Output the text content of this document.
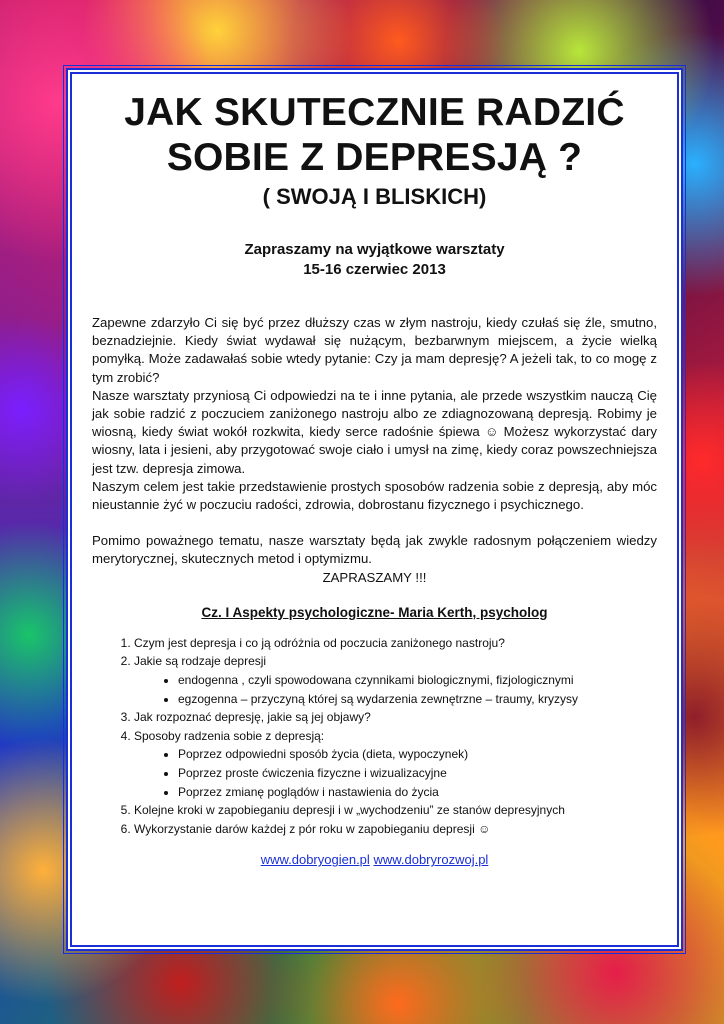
JAK SKUTECZNIE RADZIĆ
SOBIE Z DEPRESJĄ ?
( SWOJĄ I BLISKICH)
Zapraszamy na wyjątkowe warsztaty
15-16 czerwiec 2013

Zapewne zdarzyło Ci się być przez dłuższy czas w złym nastroju, kiedy czułaś się źle, smutno, beznadziejnie. Kiedy świat wydawał się nużącym, bezbarwnym miejscem, a życie wielką pomyłką. Może zadawałaś sobie wtedy pytanie: Czy ja mam depresję? A jeżeli tak, to co mogę z tym zrobić?

Nasze warsztaty przyniosą Ci odpowiedzi na te i inne pytania, ale przede wszystkim nauczą Cię jak sobie radzić z poczuciem zaniżonego nastroju albo ze zdiagnozowaną depresją. Robimy je wiosną, kiedy świat wokół rozkwita, kiedy serce radośnie śpiewa ☺ Możesz wykorzystać dary wiosny, lata i jesieni, aby przygotować swoje ciało i umysł na zimę, kiedy coraz powszechniejsza jest tzw. depresja zimowa.

Naszym celem jest takie przedstawienie prostych sposobów radzenia sobie z depresją, aby móc nieustannie żyć w poczuciu radości, zdrowia, dobrostanu fizycznego i psychicznego.

Pomimo poważnego tematu, nasze warsztaty będą jak zwykle radosnym połączeniem wiedzy merytorycznej, skutecznych metod i optymizmu.

ZAPRASZAMY !!!

Cz. I Aspekty psychologiczne- Maria Kerth, psycholog
1. Czym jest depresja i co ją odróżnia od poczucia zaniżonego nastroju?
2. Jakie są rodzaje depresji
• endogenna , czyli spowodowana czynnikami biologicznymi, fizjologicznymi
• egzogenna – przyczyną której są wydarzenia zewnętrzne – traumy, kryzysy
3. Jak rozpoznać depresję, jakie są jej objawy?
4. Sposoby radzenia sobie z depresją:
• Poprzez odpowiedni sposób życia (dieta, wypoczynek)
• Poprzez proste ćwiczenia fizyczne i wizualizacyjne
• Poprzez zmianę poglądów i nastawienia do życia
5. Kolejne kroki w zapobieganiu depresji i w „wychodzeniu” ze stanów depresyjnych
6. Wykorzystanie darów każdej z pór roku w zapobieganiu depresji ☺
www.dobryogien.pl www.dobryrozwoj.pl
